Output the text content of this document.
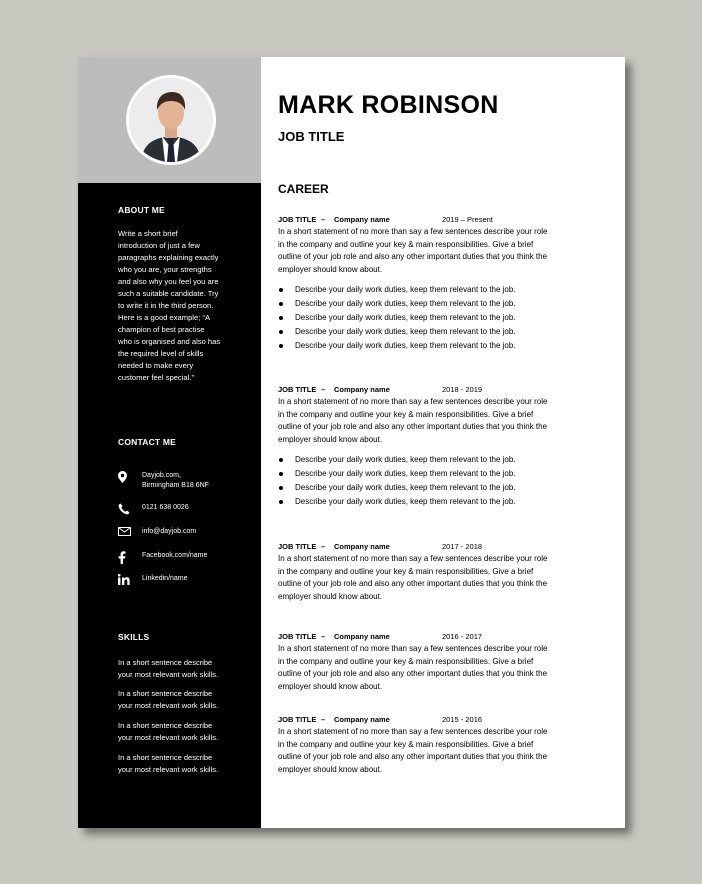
ABOUT ME
Write a short brief
introduction of just a few
paragraphs explaining exactly
who you are, your strengths
and also why you feel you are
such a suitable candidate. Try
to write it in the third person.
Here is a good example; “A
champion of best practise
who is organised and also has
the required level of skills
needed to make every
customer feel special.”
CONTACT ME
Dayjob.com,
Birmingham B18 6NF
0121 638 0026
info@dayjob.com
Facebook.com/name
Linkedin/name
SKILLS
In a short sentence describe
your most relevant work skills.
In a short sentence describe
your most relevant work skills.
In a short sentence describe
your most relevant work skills.
In a short sentence describe
your most relevant work skills.
MARK ROBINSON
JOB TITLE
CAREER
JOB TITLE – Company name	2019 – Present
In a short statement of no more than say a few sentences describe your role
in the company and outline your key & main responsibilities. Give a brief
outline of your job role and also any other important duties that you think the
employer should know about.
Describe your daily work duties, keep them relevant to the job.
Describe your daily work duties, keep them relevant to the job.
Describe your daily work duties, keep them relevant to the job.
Describe your daily work duties, keep them relevant to the job.
Describe your daily work duties, keep them relevant to the job.
JOB TITLE – Company name	2018 - 2019
In a short statement of no more than say a few sentences describe your role
in the company and outline your key & main responsibilities. Give a brief
outline of your job role and also any other important duties that you think the
employer should know about.
Describe your daily work duties, keep them relevant to the job.
Describe your daily work duties, keep them relevant to the job.
Describe your daily work duties, keep them relevant to the job.
Describe your daily work duties, keep them relevant to the job.
JOB TITLE – Company name	2017 - 2018
In a short statement of no more than say a few sentences describe your role
in the company and outline your key & main responsibilities. Give a brief
outline of your job role and also any other important duties that you think the
employer should know about.
JOB TITLE – Company name	2016 - 2017
In a short statement of no more than say a few sentences describe your role
in the company and outline your key & main responsibilities. Give a brief
outline of your job role and also any other important duties that you think the
employer should know about.
JOB TITLE – Company name	2015 - 2016
In a short statement of no more than say a few sentences describe your role
in the company and outline your key & main responsibilities. Give a brief
outline of your job role and also any other important duties that you think the
employer should know about.
